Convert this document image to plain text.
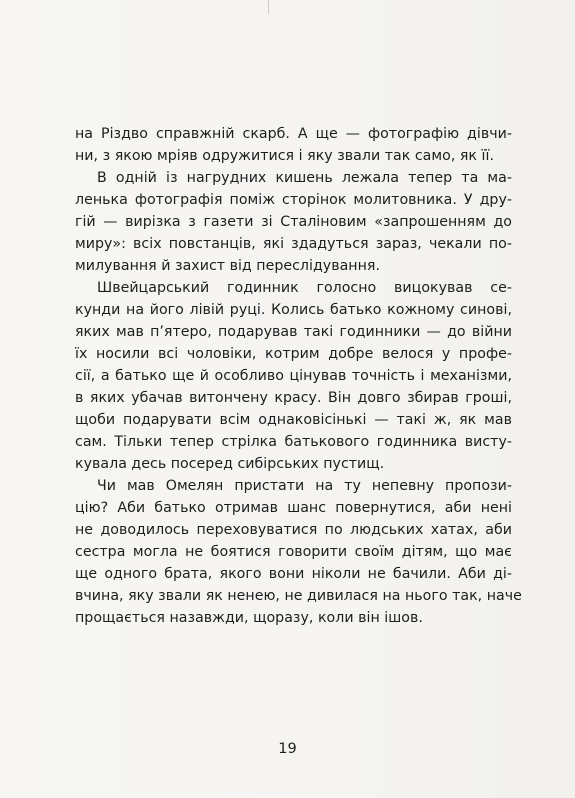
на Різдво справжній скарб. А ще — фотографію дівчи-
ни, з якою мріяв одружитися і яку звали так само, як її.
В одній із нагрудних кишень лежала тепер та ма-
ленька фотографія поміж сторінок молитовника. У дру-
гій — вирізка з газети зі Сталіновим «запрошенням до
миру»: всіх повстанців, які здадуться зараз, чекали по-
милування й захист від переслідування.
Швейцарський годинник голосно вицокував се-
кунди на його лівій руці. Колись батько кожному синові,
яких мав п’ятеро, подарував такі годинники — до війни
їх носили всі чоловіки, котрим добре велося у профе-
сії, а батько ще й особливо цінував точність і механізми,
в яких убачав витончену красу. Він довго збирав гроші,
щоби подарувати всім однаковісінькі — такі ж, як мав
сам. Тільки тепер стрілка батькового годинника висту-
кувала десь посеред сибірських пустищ.
Чи мав Омелян пристати на ту непевну пропози-
цію? Аби батько отримав шанс повернутися, аби нені
не доводилось переховуватися по людських хатах, аби
сестра могла не боятися говорити своїм дітям, що має
ще одного брата, якого вони ніколи не бачили. Аби ді-
вчина, яку звали як ненею, не дивилася на нього так, наче
прощається назавжди, щоразу, коли він ішов.
19
